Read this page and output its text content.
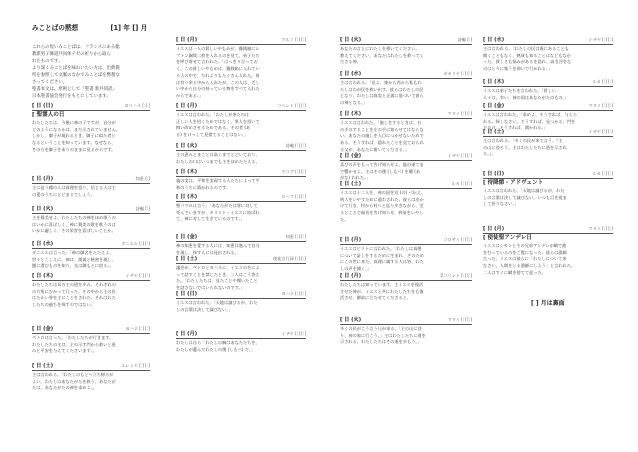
みことばの黙想	[1] 年 [] 月
これらの短いみことばは、フランスにある総
教派男子修道共同体テゼの祈りから取ら
れたものです。
より深くみことばを味わいたい方は、出典箇
所を参照して文脈のなかでみことばを黙想な
さってください。
聖書本文は、原則として『聖書 新共同訳』
日本聖書協会発行をもとにしています。
[ 日 (日)	ヨコハネ [:] ]
[ 聖霊人の日
わたしたちは、今後に神の子ですが、自分が
どのようになるかは、まだ示されていません。
しかし、御子が現れるとき、御子に似た者と
なるということを知っています。なぜなら、
その方を御子をありのままに見るからです。
[ 日 (月)	知恵 [:]
主に従う種の人は真理を悟り、信じる人は主
の愛のうちにとどまるでしょう。
[ 日 (火)	詩編 [:]
主を賛美せよ、わたしたちの神をほめ歌うの
はいかに喜ばしく、神に賛美の歌を歌うのは
いかに麗しく、その栄誉を喜ばしいことか。
[ 日 (水)	ダニエル [:] [:]
ダニエルは言った。「神の御名をたたえよ、
世々とこしえに。神は、奥義と秘密を現し、
闇に潜むものを知り、光は御もとに宿る」。
[ 日 (木)	イザヤ [:] [:]
わたしたちは耳の主の道を歩み、それぞれの
の方角にむかって行った。その中から主の民
はたかい罪を主にことをされた。それはわた
したちの過ちを探すのではない。
[ 日 (金)	ヨハネ [:] [:]
ペトロは言った。「わたしたちが行きます。
わたしたちの主は、主の示す門から救いと恵
みと平安を与えてくださいます」。
[ 日 (土)	エレミヤ [:] [:]
主は言われる。「わたしのもとへ立ち帰るが
よい。わたしはあなたがたを救う。あなたが
たは、あなたがたの神を求めよ」。
[ 日 (月)	マルコ [:] [:]
イエスは一人の貧しいやもめが、賽銭箱にレ
プトン銅貨二枚を入れるのを見て、弟子たち
を呼び寄せて言われた。「はっきり言ってお
く。この貧しいやもめは、賽銭箱に入れてい
る人の中で、だれよりもたくさん入れた。皆
は有り余る中から入れたが、この人は、乏し
い中から自分の持っている物をすべて入れた
からである。」
[ 日 (月)	コヘレト [:] [:]
イエスは言われた。「わたしが来たのは
正しい人を招くためではなく、罪人を招いて
悔い改めさせるためである。その者 (あ
る) をけっして見捨てることはない。」
[ 日 (火)	詩編 [:] [:]
主の恵みとまことは高くまでとどいており、
わたしの口はいつまでも主をほめたたえる。

[ 日 (木)	ヤコブ [:] [:]
義の実は、平和を実現する人たちによって平
和のうちに蒔かれるのです。
[ 日 (木)	ローマ [:] [:]
聖パウロは言う。「あなたがたは罪に対して
死んでいますが、キリスト・イエスに結ばれ
て、神に対して生きているのです。」
[ 日 (金)	知恵 [:] [:]
神の知恵を愛する人には、知恵は進んで自分
を現し、探す人には見出される。
[ 日 (土)	使徒言行録 [:] [:]
議会が、ペトロとヨハネに、イエスの名によ
って話すことを禁じたとき、二人はこう答え
た。「わたしたちは、見たことや聞いたこと
を話さないではいられないのです。」
[ 日 (日)	ヨハネ [:] [:]
イエスは言われた。「天地は滅びるが、わた
しの言葉は決して滅びない。」
[ 日 (月)	イザヤ [:] [:]
わたしは自ら「わたしの胸はあなたたちを、
わたしが選んだわたしの僕 (しもべ) だ。」
[ 日 (火)	詩編 [:]
あなたの言とにわたしを導いてください。
教えてください、あなたはわたしを救ってく
ださる神。
[ 日 (水)	ゼカリヤ [:] [:]
主は言われる。「見よ、東から西から私もわ
たしはわが民を救い出す。彼らはわたしの民
となり、わたしは真実と正義に基づいて彼ら
の神となる。」
[ 日 (木)	マタイ [:] [:]
イエスは言われた。「施しをするときは、右
の手のすることを左の手に知らせてはならな
い。あなたの施しを人目につかせないためで
ある。そうすれば、隠れたことを見ておられ
る父が、あなたに報いてくださる。」
[ 日 (金)	イザヤ [:] [:]
喜びの声をもって告げ知らせよ。地の果てま
で響かせよ。主はその僕 (しもべ) を贖 (あ
がな) われた。」
[ 日 (土)	ルカ [:] [:]
イエスは十二人を、神の国を宣 (の) べ伝え、
病人をいやすために遣わされた。彼らは出か
けて行き、村から村へと巡り歩きながら、至
るところで福音を告げ知らせ、病気をいやし
た。
[ 日 (月)	コロサイ [:] [:]
イエスはピラトに言われた。「わたしは真理
について証しをするために生まれ、そのため
にこの世に来た。真理に属する人は皆、わた
しの声を聞く。」
[ 日 (月)	2コリント [:] [:]
わたしたちは知っています。主イエスを復活
させた神が、イエスと共にわたしたちをも復
活させ、御前に立たせてくださると。
[ 日 (火)	マタイ [:] [:]
多くの民がこう言う日が来る。「主の山に登
り、神の家に行こう。」主はわたしたちに道を
示される。わたしたちはその道を歩もう。」
[ 日 (水)	イザヤ [:] [:]
主は言われる。「わたしの民は既にあることも
聞くこともなく、熟成も知ることはなどもなか
った。貧しさも悩みがあるを恐れ、高き谷をな
のはとりに集うを仰いで行かれる。」
[ 日 (木)	ルカ [:] [:]
イエスは弟子たちを言われた。「貧しい
人々は、幸い、神の国はあなたがたのもの。」
[ 日 (金)	マタイ [:] [:]
イエスは言われた。「求めよ、そうすれば、与えら
れる。探しなさい。そうすれば、見つかる。門を
たたけ、そうすれば、開かれる。」
[ 日 (土)	イザヤ [:] [:]
主は言われる。「多くの民が来て言う。『主
の山に登ろう。主はわたしたちに道を示され
る。』」
[ 日 (日)	ルカ [:] [:]
[ 待降節・アドヴェント
イエスは言われた。「天地は滅びるが、わた
しの言葉は決して滅びない。いつも目を覚ま
して祈りなさい。」
[ 日 (月)	マタイ [:] [:]
[ 使徒聖アンデレ日
イエスはシモンとその兄弟アンデレが網で漁
を打っているのをご覧になった。彼らは漁師
だった。イエスは彼らに「わたしについて来
なさい。人間をとる漁師にしよう」と言われた。
二人はすぐに網を捨てて従った。
[ ] 月は裏面
